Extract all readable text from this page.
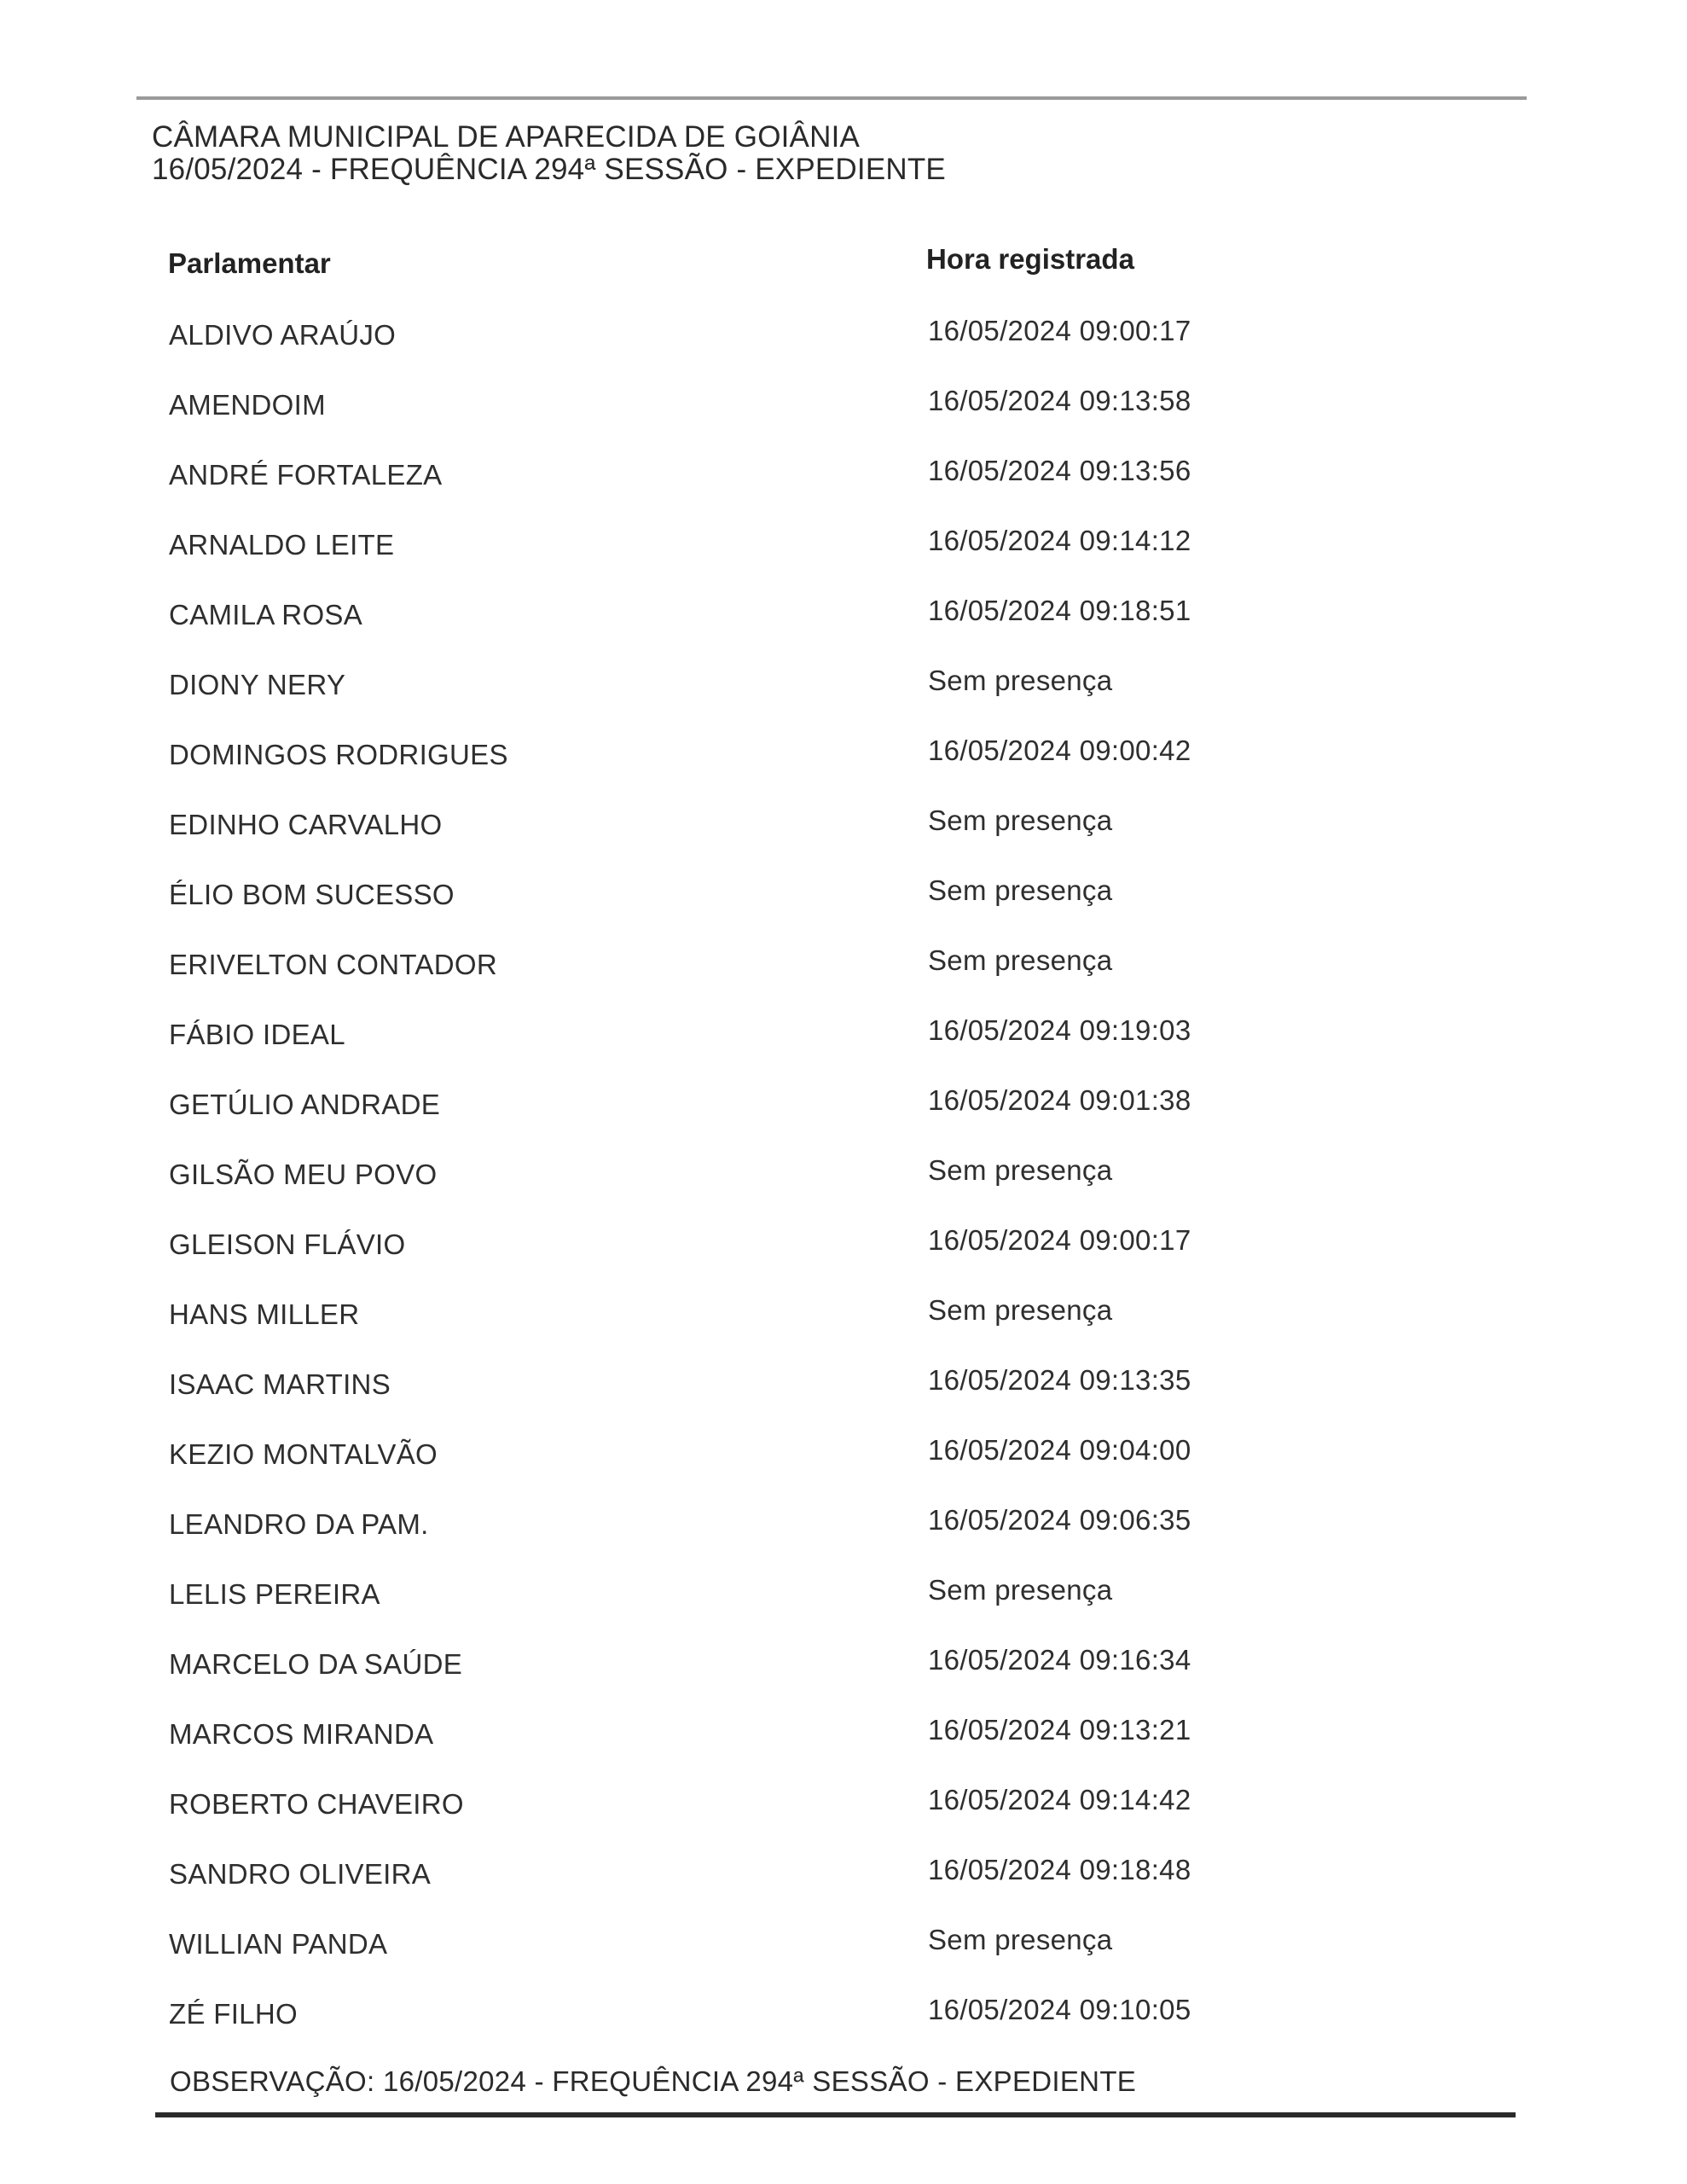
CÂMARA MUNICIPAL DE APARECIDA DE GOIÂNIA
16/05/2024 - FREQUÊNCIA 294ª SESSÃO - EXPEDIENTE
Parlamentar	Hora registrada
ALDIVO ARAÚJO	16/05/2024 09:00:17
AMENDOIM	16/05/2024 09:13:58
ANDRÉ FORTALEZA	16/05/2024 09:13:56
ARNALDO LEITE	16/05/2024 09:14:12
CAMILA ROSA	16/05/2024 09:18:51
DIONY NERY	Sem presença
DOMINGOS RODRIGUES	16/05/2024 09:00:42
EDINHO CARVALHO	Sem presença
ÉLIO BOM SUCESSO	Sem presença
ERIVELTON CONTADOR	Sem presença
FÁBIO IDEAL	16/05/2024 09:19:03
GETÚLIO ANDRADE	16/05/2024 09:01:38
GILSÃO MEU POVO	Sem presença
GLEISON FLÁVIO	16/05/2024 09:00:17
HANS MILLER	Sem presença
ISAAC MARTINS	16/05/2024 09:13:35
KEZIO MONTALVÃO	16/05/2024 09:04:00
LEANDRO DA PAM.	16/05/2024 09:06:35
LELIS PEREIRA	Sem presença
MARCELO DA SAÚDE	16/05/2024 09:16:34
MARCOS MIRANDA	16/05/2024 09:13:21
ROBERTO CHAVEIRO	16/05/2024 09:14:42
SANDRO OLIVEIRA	16/05/2024 09:18:48
WILLIAN PANDA	Sem presença
ZÉ FILHO	16/05/2024 09:10:05
OBSERVAÇÃO: 16/05/2024 - FREQUÊNCIA 294ª SESSÃO - EXPEDIENTE
